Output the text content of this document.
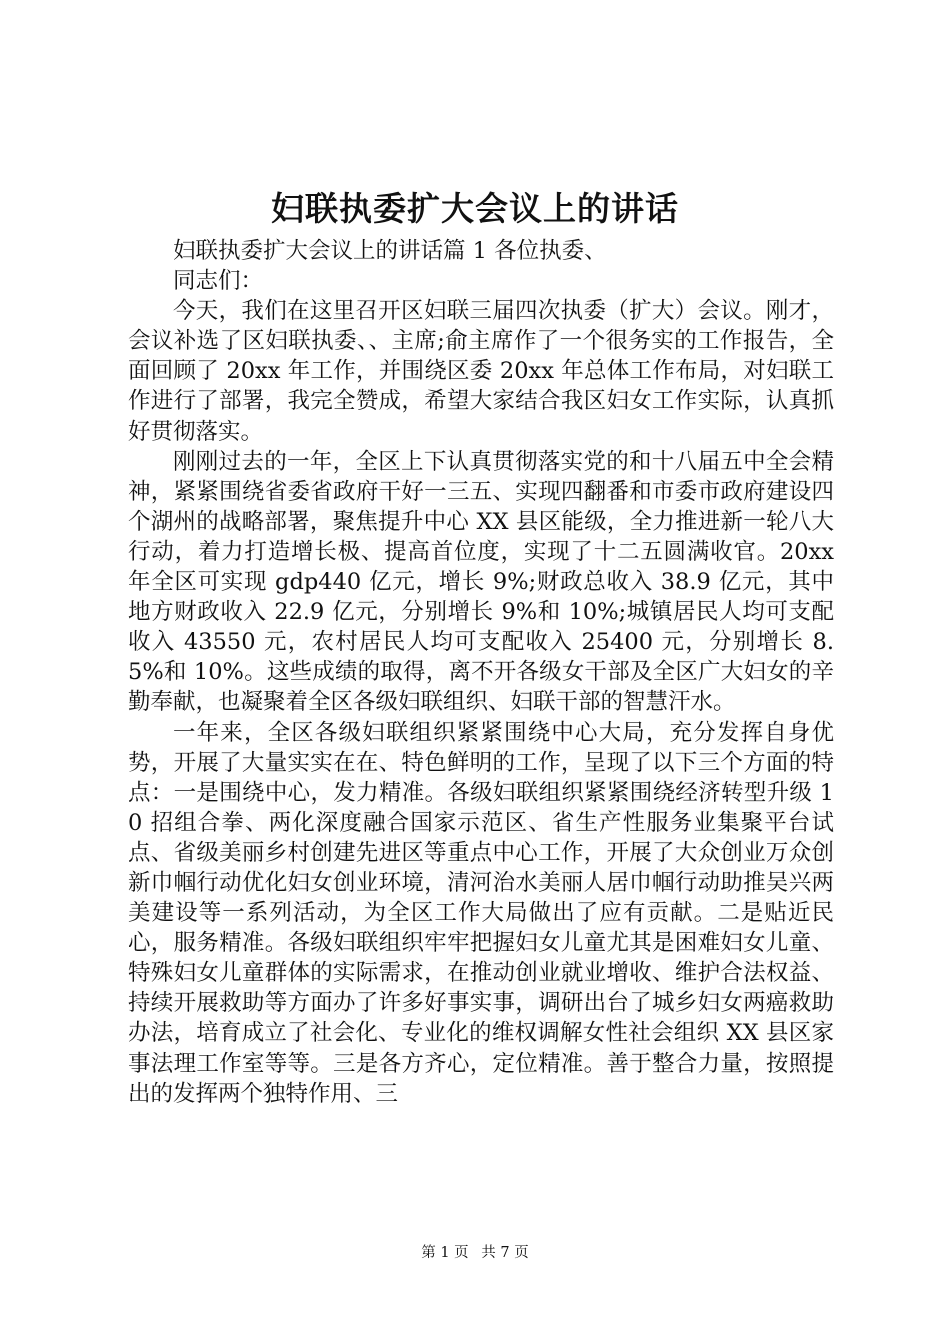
妇联执委扩大会议上的讲话

妇联执委扩大会议上的讲话篇 1 各位执委、

同志们：

今天，我们在这里召开区妇联三届四次执委（扩大）会议。刚才，会议补选了区妇联执委、、主席;俞主席作了一个很务实的工作报告，全面回顾了 20xx 年工作，并围绕区委 20xx 年总体工作布局，对妇联工作进行了部署，我完全赞成，希望大家结合我区妇女工作实际，认真抓好贯彻落实。

刚刚过去的一年，全区上下认真贯彻落实党的和十八届五中全会精神，紧紧围绕省委省政府干好一三五、实现四翻番和市委市政府建设四个湖州的战略部署，聚焦提升中心 XX 县区能级，全力推进新一轮八大行动，着力打造增长极、提高首位度，实现了十二五圆满收官。20xx 年全区可实现 gdp440 亿元，增长 9%;财政总收入 38.9 亿元，其中地方财政收入 22.9 亿元，分别增长 9%和 10%;城镇居民人均可支配收入 43550 元，农村居民人均可支配收入 25400 元，分别增长 8.5%和 10%。这些成绩的取得，离不开各级女干部及全区广大妇女的辛勤奉献，也凝聚着全区各级妇联组织、妇联干部的智慧汗水。

一年来，全区各级妇联组织紧紧围绕中心大局，充分发挥自身优势，开展了大量实实在在、特色鲜明的工作，呈现了以下三个方面的特点：一是围绕中心，发力精准。各级妇联组织紧紧围绕经济转型升级 10 招组合拳、两化深度融合国家示范区、省生产性服务业集聚平台试点、省级美丽乡村创建先进区等重点中心工作，开展了大众创业万众创新巾帼行动优化妇女创业环境，清河治水美丽人居巾帼行动助推吴兴两美建设等一系列活动，为全区工作大局做出了应有贡献。二是贴近民心，服务精准。各级妇联组织牢牢把握妇女儿童尤其是困难妇女儿童、特殊妇女儿童群体的实际需求，在推动创业就业增收、维护合法权益、持续开展救助等方面办了许多好事实事，调研出台了城乡妇女两癌救助办法，培育成立了社会化、专业化的维权调解女性社会组织 XX 县区家事法理工作室等等。三是各方齐心，定位精准。善于整合力量，按照提出的发挥两个独特作用、三

第 1 页 共 7 页
